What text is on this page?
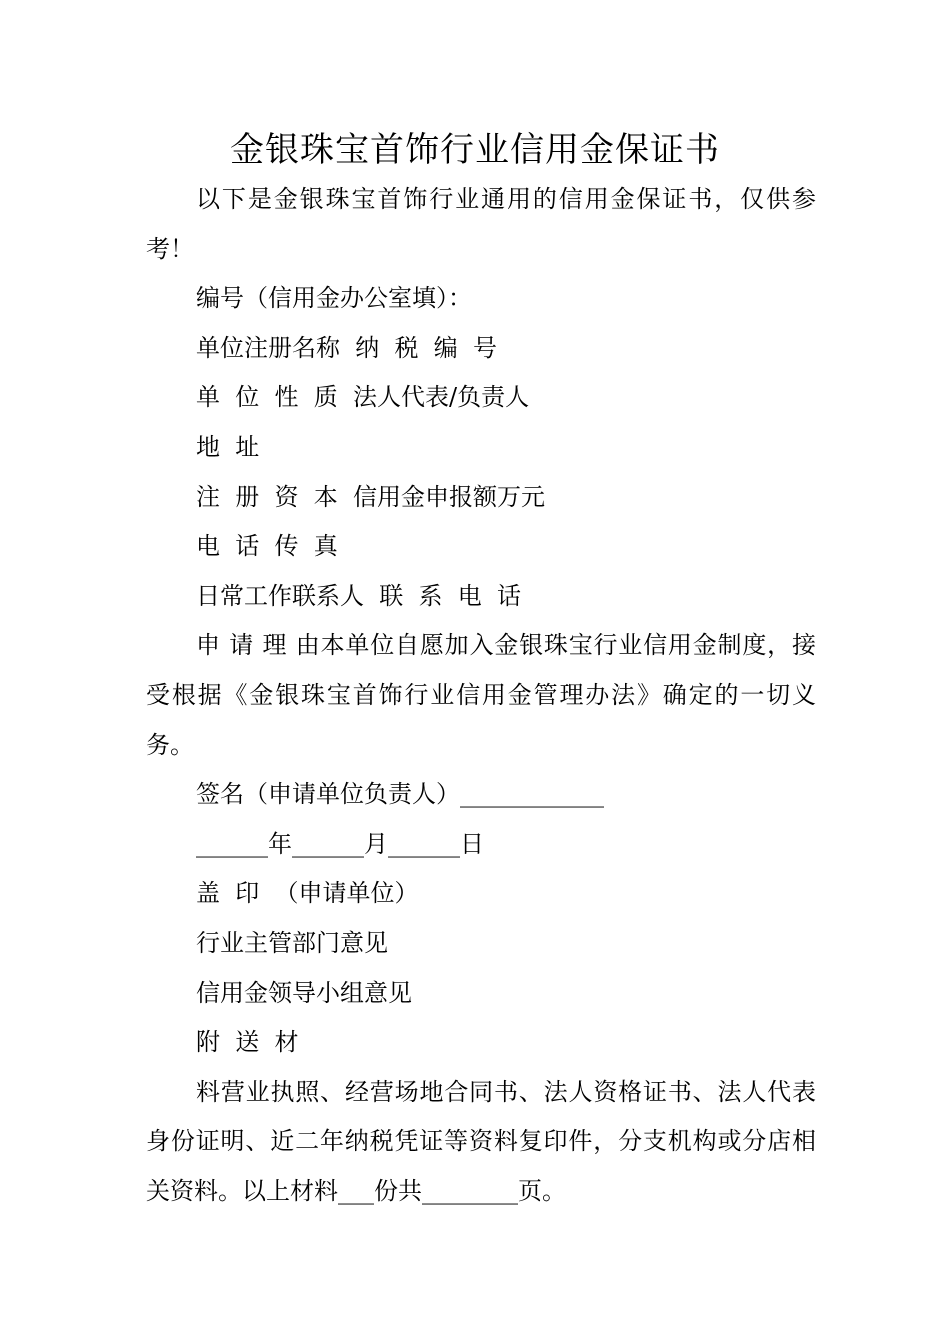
金银珠宝首饰行业信用金保证书

以下是金银珠宝首饰行业通用的信用金保证书，仅供参考！

编号（信用金办公室填）：

单位注册名称  纳  税  编  号

单  位  性  质  法人代表/负责人

地  址

注  册  资  本  信用金申报额万元

电  话  传  真

日常工作联系人  联  系  电  话

申 请 理 由本单位自愿加入金银珠宝行业信用金制度，接受根据《金银珠宝首饰行业信用金管理办法》确定的一切义务。

签名（申请单位负责人）____________

______年______月______日

盖  印  （申请单位）

行业主管部门意见

信用金领导小组意见

附  送  材

料营业执照、经营场地合同书、法人资格证书、法人代表身份证明、近二年纳税凭证等资料复印件，分支机构或分店相关资料。以上材料___份共________页。
